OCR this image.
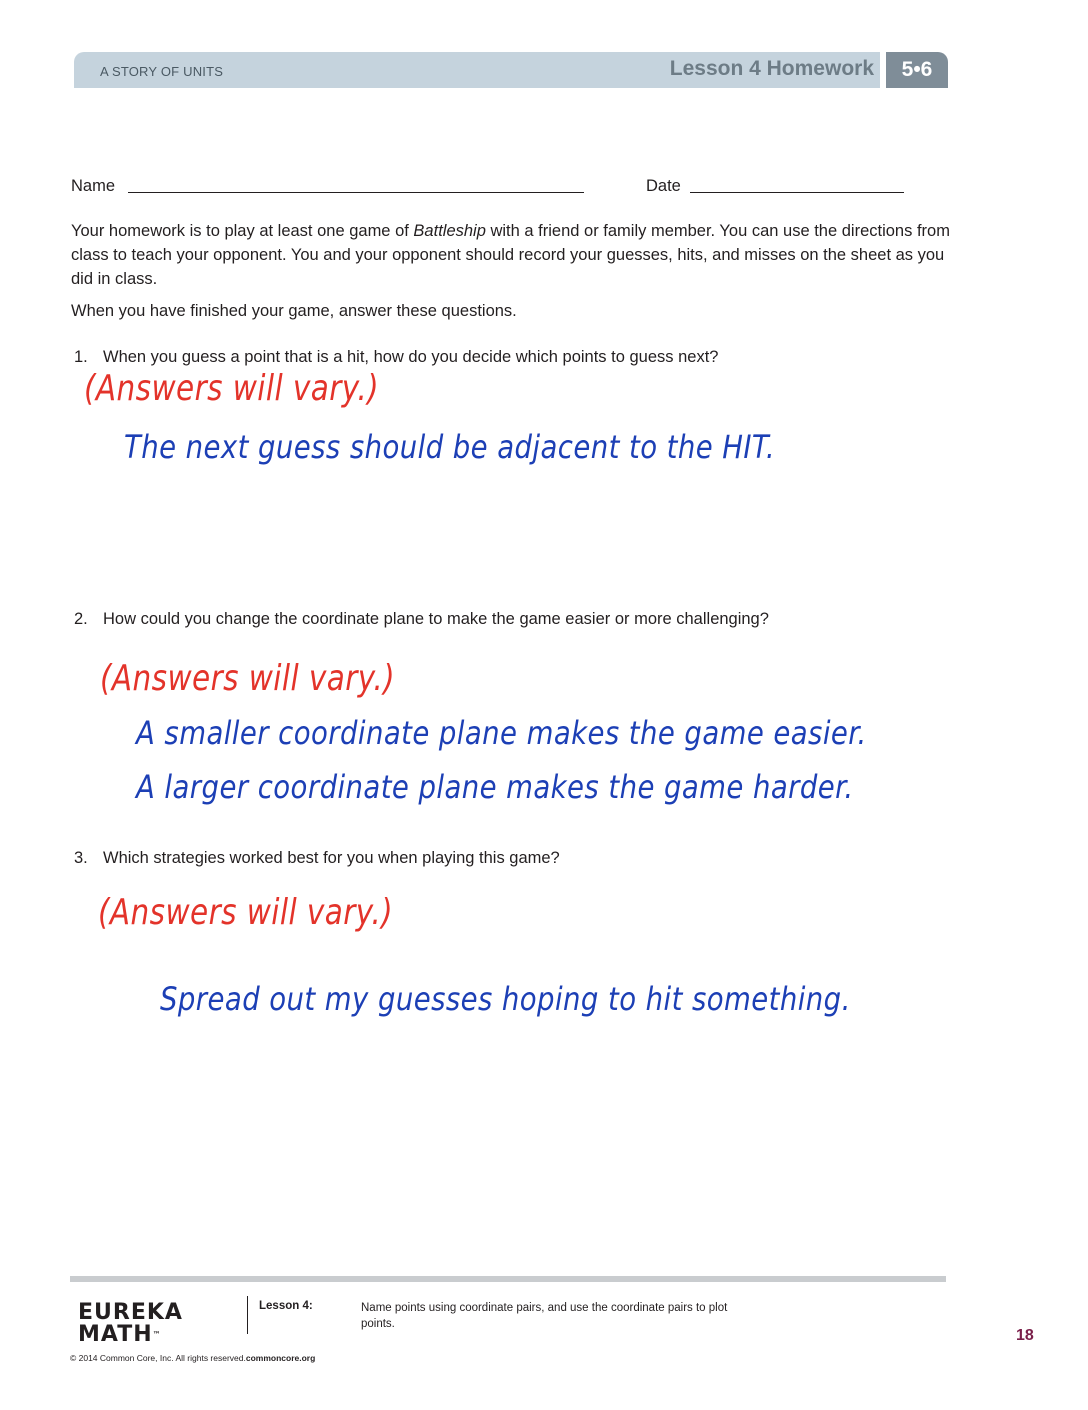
A STORY OF UNITS	Lesson 4 Homework 5•6
Name	Date
Your homework is to play at least one game of Battleship with a friend or family member. You can use the directions from class to teach your opponent. You and your opponent should record your guesses, hits, and misses on the sheet as you did in class.
When you have finished your game, answer these questions.
1. When you guess a point that is a hit, how do you decide which points to guess next?
(Answers will vary.)
The next guess should be adjacent to the HIT.
2. How could you change the coordinate plane to make the game easier or more challenging?
(Answers will vary.)
A smaller coordinate plane makes the game easier.
A larger coordinate plane makes the game harder.
3. Which strategies worked best for you when playing this game?
(Answers will vary.)
Spread out my guesses hoping to hit something.
EUREKA
MATH™
Lesson 4:	Name points using coordinate pairs, and use the coordinate pairs to plot points.
© 2014 Common Core, Inc. All rights reserved.commoncore.org
18
